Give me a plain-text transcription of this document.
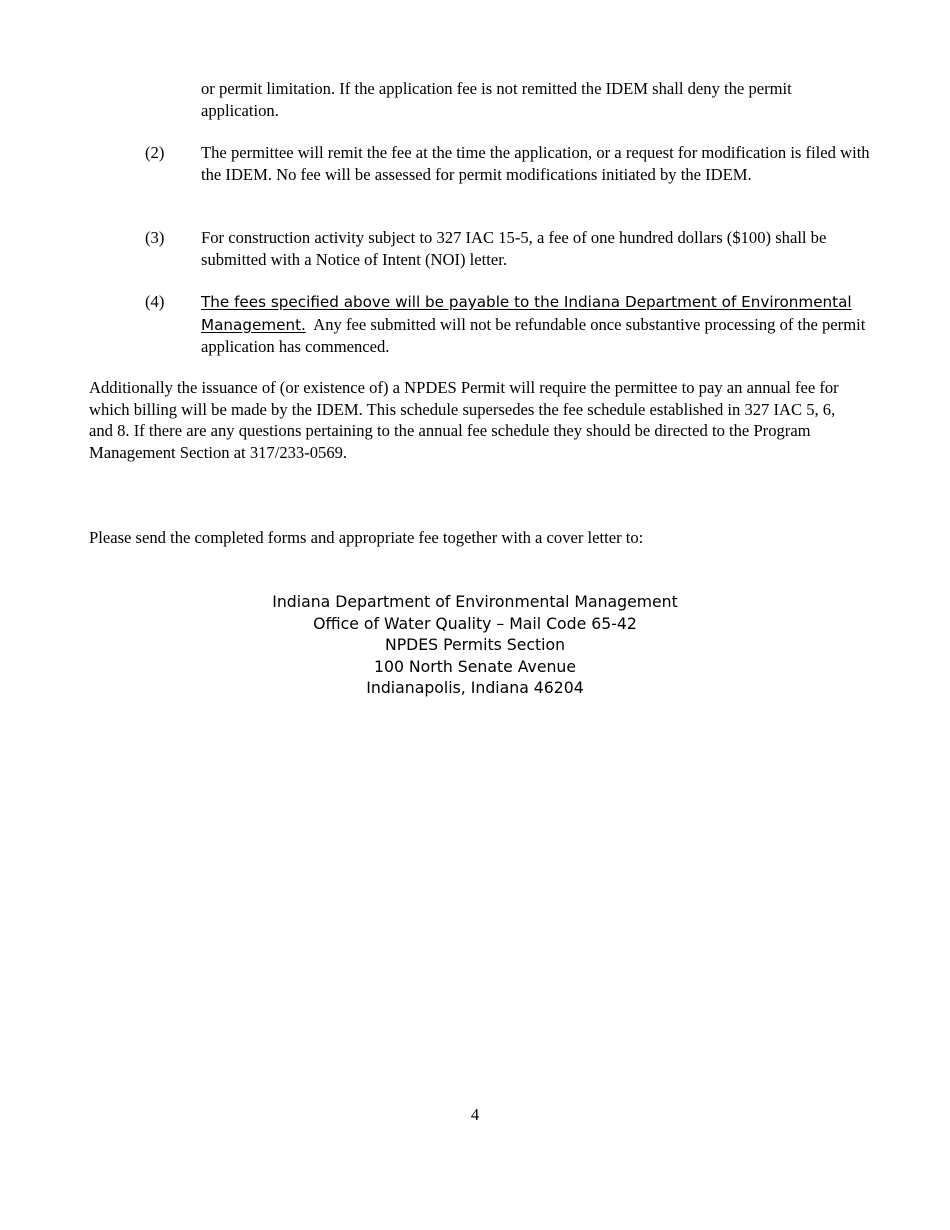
or permit limitation. If the application fee is not remitted the IDEM shall deny the permit application.
(2)	The permittee will remit the fee at the time the application, or a request for modification is filed with the IDEM. No fee will be assessed for permit modifications initiated by the IDEM.
(3)	For construction activity subject to 327 IAC 15-5, a fee of one hundred dollars ($100) shall be submitted with a Notice of Intent (NOI) letter.
(4)	The fees specified above will be payable to the Indiana Department of Environmental Management. Any fee submitted will not be refundable once substantive processing of the permit application has commenced.
Additionally the issuance of (or existence of) a NPDES Permit will require the permittee to pay an annual fee for which billing will be made by the IDEM. This schedule supersedes the fee schedule established in 327 IAC 5, 6, and 8. If there are any questions pertaining to the annual fee schedule they should be directed to the Program Management Section at 317/233-0569.
Please send the completed forms and appropriate fee together with a cover letter to:
Indiana Department of Environmental Management
Office of Water Quality – Mail Code 65-42
NPDES Permits Section
100 North Senate Avenue
Indianapolis, Indiana 46204
4
